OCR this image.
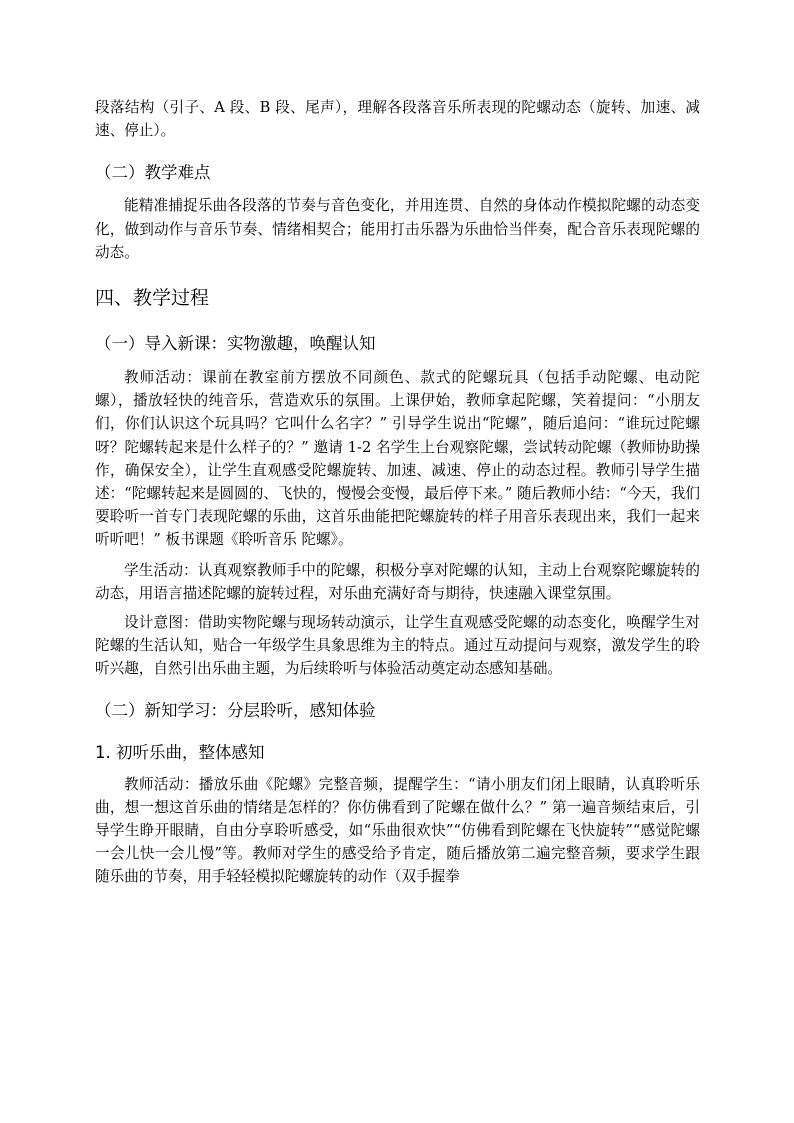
段落结构（引子、A 段、B 段、尾声），理解各段落音乐所表现的陀螺动态（旋转、加速、减速、停止）。

（二）教学难点

能精准捕捉乐曲各段落的节奏与音色变化，并用连贯、自然的身体动作模拟陀螺的动态变化，做到动作与音乐节奏、情绪相契合；能用打击乐器为乐曲恰当伴奏，配合音乐表现陀螺的动态。

四、教学过程
（一）导入新课：实物激趣，唤醒认知

教师活动：课前在教室前方摆放不同颜色、款式的陀螺玩具（包括手动陀螺、电动陀螺），播放轻快的纯音乐，营造欢乐的氛围。上课伊始，教师拿起陀螺，笑着提问：“小朋友们，你们认识这个玩具吗？它叫什么名字？” 引导学生说出“陀螺”，随后追问：“谁玩过陀螺呀？陀螺转起来是什么样子的？” 邀请 1-2 名学生上台观察陀螺，尝试转动陀螺（教师协助操作，确保安全），让学生直观感受陀螺旋转、加速、减速、停止的动态过程。教师引导学生描述：“陀螺转起来是圆圆的、飞快的，慢慢会变慢，最后停下来。” 随后教师小结：“今天，我们要聆听一首专门表现陀螺的乐曲，这首乐曲能把陀螺旋转的样子用音乐表现出来，我们一起来听听吧！” 板书课题《聆听音乐 陀螺》。

学生活动：认真观察教师手中的陀螺，积极分享对陀螺的认知，主动上台观察陀螺旋转的动态，用语言描述陀螺的旋转过程，对乐曲充满好奇与期待，快速融入课堂氛围。

设计意图：借助实物陀螺与现场转动演示，让学生直观感受陀螺的动态变化，唤醒学生对陀螺的生活认知，贴合一年级学生具象思维为主的特点。通过互动提问与观察，激发学生的聆听兴趣，自然引出乐曲主题，为后续聆听与体验活动奠定动态感知基础。

（二）新知学习：分层聆听，感知体验
1. 初听乐曲，整体感知

教师活动：播放乐曲《陀螺》完整音频，提醒学生：“请小朋友们闭上眼睛，认真聆听乐曲，想一想这首乐曲的情绪是怎样的？你仿佛看到了陀螺在做什么？” 第一遍音频结束后，引导学生睁开眼睛，自由分享聆听感受，如“乐曲很欢快”“仿佛看到陀螺在飞快旋转”“感觉陀螺一会儿快一会儿慢”等。教师对学生的感受给予肯定，随后播放第二遍完整音频，要求学生跟随乐曲的节奏，用手轻轻模拟陀螺旋转的动作（双手握拳
